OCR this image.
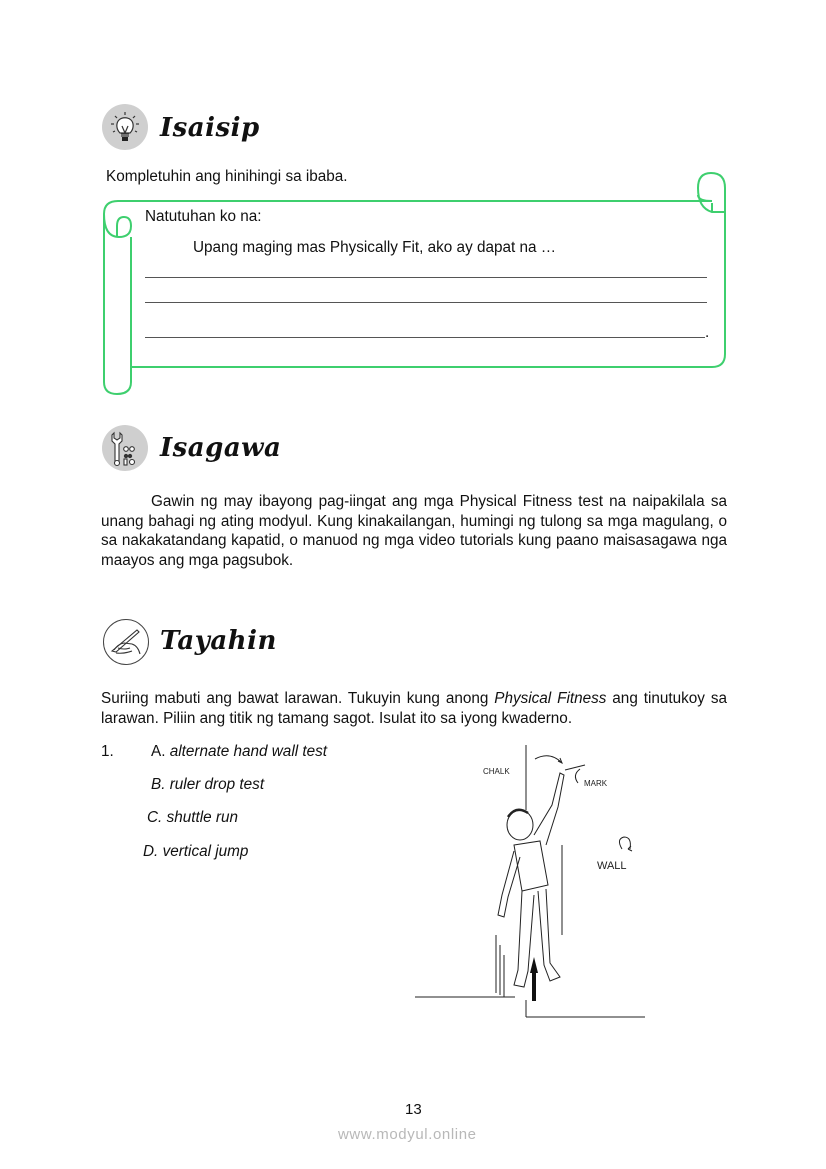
Isaisip
Kompletuhin ang hinihingi sa ibaba.
Natutuhan ko na:
Upang maging mas Physically Fit, ako ay dapat na …
.
Isagawa
Gawin ng may ibayong pag-iingat ang mga Physical Fitness test na naipakilala sa unang bahagi ng ating modyul. Kung kinakailangan, humingi ng tulong sa mga magulang, o sa nakakatandang kapatid, o manuod ng mga video tutorials kung paano maisasagawa nga maayos ang mga pagsubok.
Tayahin
Suriing mabuti ang bawat larawan. Tukuyin kung anong Physical Fitness ang tinutukoy sa larawan. Piliin ang titik ng tamang sagot. Isulat ito sa iyong kwaderno.
1. A. alternate hand wall test
B. ruler drop test
C. shuttle run
D. vertical jump
CHALK
MARK
WALL
13
www.modyul.online
